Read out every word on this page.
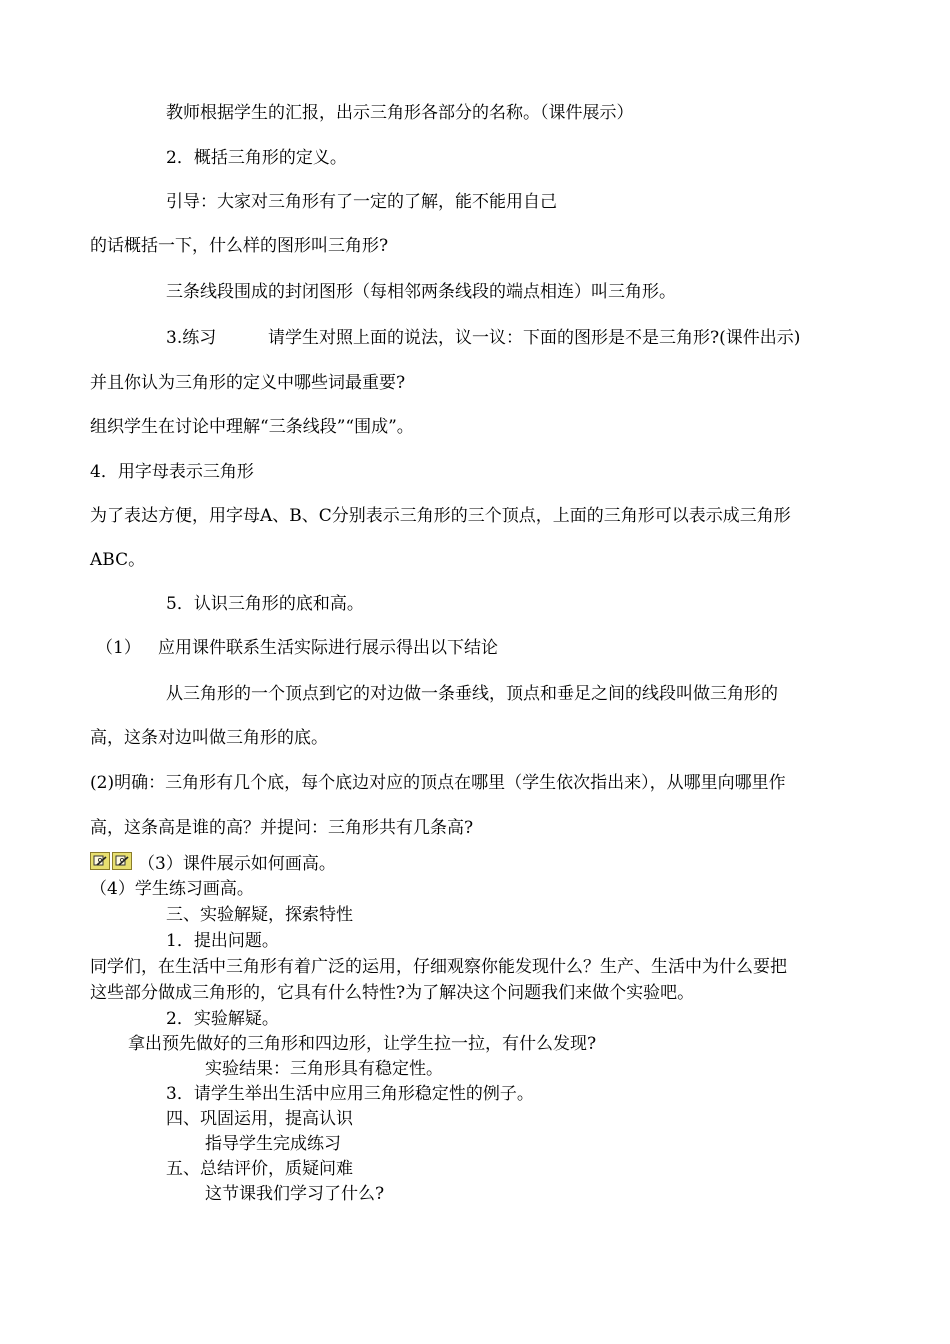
教师根据学生的汇报，出示三角形各部分的名称。（课件展示）

2．概括三角形的定义。

引导：大家对三角形有了一定的了解，能不能用自己

的话概括一下，什么样的图形叫三角形?

三条线段围成的封闭图形（每相邻两条线段的端点相连）叫三角形。

3.练习	请学生对照上面的说法，议一议：下面的图形是不是三角形?(课件出示)

并且你认为三角形的定义中哪些词最重要?

组织学生在讨论中理解“三条线段”“围成”。

4．用字母表示三角形

为了表达方便，用字母A、B、C分别表示三角形的三个顶点，上面的三角形可以表示成三角形

ABC。

5．认识三角形的底和高。

（1） 应用课件联系生活实际进行展示得出以下结论

从三角形的一个顶点到它的对边做一条垂线，顶点和垂足之间的线段叫做三角形的

高，这条对边叫做三角形的底。

(2)明确：三角形有几个底，每个底边对应的顶点在哪里（学生依次指出来），从哪里向哪里作

高，这条高是谁的高？并提问：三角形共有几条高?

（3）课件展示如何画高。

（4）学生练习画高。

三、实验解疑，探索特性

1．提出问题。

同学们，在生活中三角形有着广泛的运用，仔细观察你能发现什么？生产、生活中为什么要把

这些部分做成三角形的，它具有什么特性?为了解决这个问题我们来做个实验吧。

2．实验解疑。

拿出预先做好的三角形和四边形，让学生拉一拉，有什么发现?

实验结果：三角形具有稳定性。

3．请学生举出生活中应用三角形稳定性的例子。

四、巩固运用，提高认识

指导学生完成练习

五、总结评价，质疑问难

这节课我们学习了什么?
